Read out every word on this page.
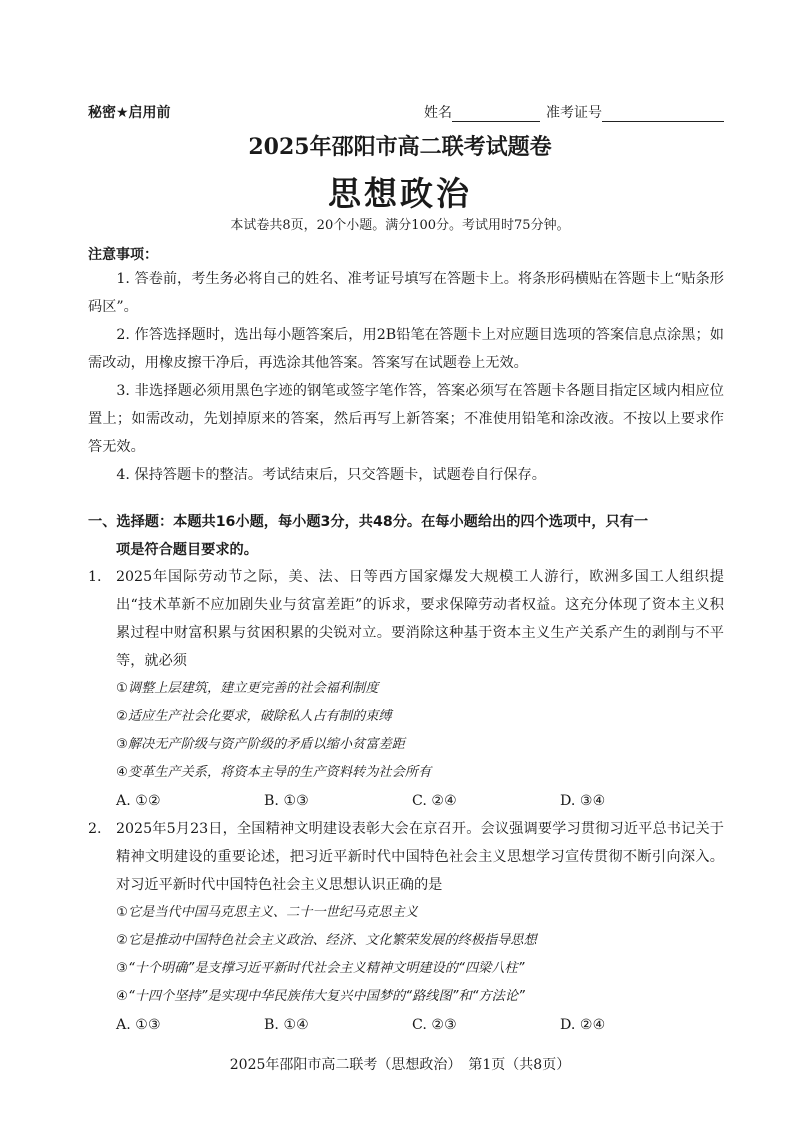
秘密★启用前	姓名	准考证号
2025年邵阳市高二联考试题卷
思想政治
本试卷共8页，20个小题。满分100分。考试用时75分钟。
注意事项：

1. 答卷前，考生务必将自己的姓名、准考证号填写在答题卡上。将条形码横贴在答题卡上“贴条形码区”。

2. 作答选择题时，选出每小题答案后，用2B铅笔在答题卡上对应题目选项的答案信息点涂黑；如需改动，用橡皮擦干净后，再选涂其他答案。答案写在试题卷上无效。

3. 非选择题必须用黑色字迹的钢笔或签字笔作答，答案必须写在答题卡各题目指定区域内相应位置上；如需改动，先划掉原来的答案，然后再写上新答案；不准使用铅笔和涂改液。不按以上要求作答无效。

4. 保持答题卡的整洁。考试结束后，只交答题卡，试题卷自行保存。

一、选择题：本题共16小题，每小题3分，共48分。在每小题给出的四个选项中，只有一
项是符合题目要求的。
1.	2025年国际劳动节之际，美、法、日等西方国家爆发大规模工人游行，欧洲多国工人组织提出“技术革新不应加剧失业与贫富差距”的诉求，要求保障劳动者权益。这充分体现了资本主义积累过程中财富积累与贫困积累的尖锐对立。要消除这种基于资本主义生产关系产生的剥削与不平等，就必须
①调整上层建筑，建立更完善的社会福利制度
②适应生产社会化要求，破除私人占有制的束缚
③解决无产阶级与资产阶级的矛盾以缩小贫富差距
④变革生产关系，将资本主导的生产资料转为社会所有
A. ①②	B. ①③	C. ②④	D. ③④
2.	2025年5月23日，全国精神文明建设表彰大会在京召开。会议强调要学习贯彻习近平总书记关于精神文明建设的重要论述，把习近平新时代中国特色社会主义思想学习宣传贯彻不断引向深入。对习近平新时代中国特色社会主义思想认识正确的是
①它是当代中国马克思主义、二十一世纪马克思主义
②它是推动中国特色社会主义政治、经济、文化繁荣发展的终极指导思想
③“十个明确”是支撑习近平新时代社会主义精神文明建设的“四梁八柱”
④“十四个坚持”是实现中华民族伟大复兴中国梦的“路线图”和“方法论”
A. ①③	B. ①④	C. ②③	D. ②④
2025年邵阳市高二联考（思想政治）　第1页（共8页）
